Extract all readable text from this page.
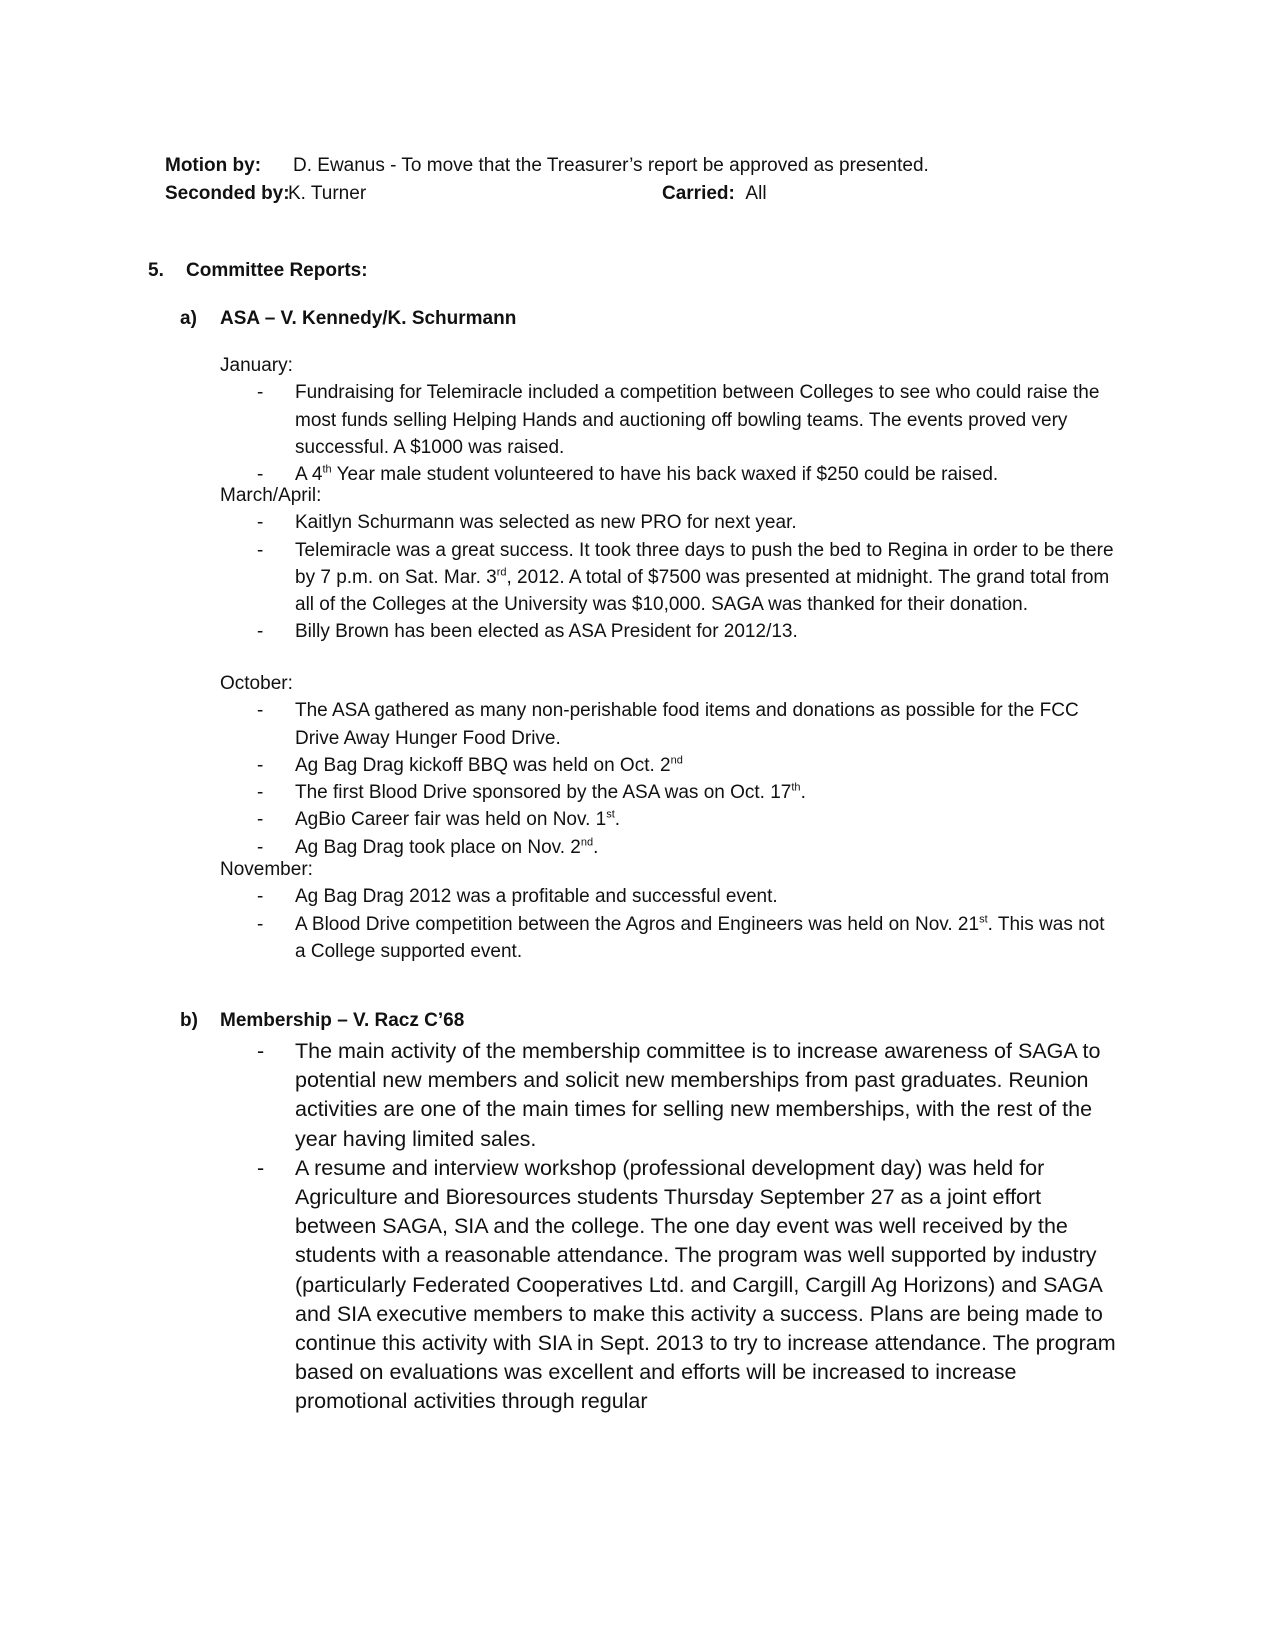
Motion by: D. Ewanus - To move that the Treasurer’s report be approved as presented.
Seconded by:K. Turner	Carried: All
5. Committee Reports:
a) ASA – V. Kennedy/K. Schurmann

January:

- Fundraising for Telemiracle included a competition between Colleges to see who could raise the most funds selling Helping Hands and auctioning off bowling teams. The events proved very successful. A $1000 was raised.
- A 4th Year male student volunteered to have his back waxed if $250 could be raised.

March/April:

- Kaitlyn Schurmann was selected as new PRO for next year.
- Telemiracle was a great success. It took three days to push the bed to Regina in order to be there by 7 p.m. on Sat. Mar. 3rd, 2012. A total of $7500 was presented at midnight. The grand total from all of the Colleges at the University was $10,000. SAGA was thanked for their donation.
- Billy Brown has been elected as ASA President for 2012/13.

October:

- The ASA gathered as many non-perishable food items and donations as possible for the FCC Drive Away Hunger Food Drive.
- Ag Bag Drag kickoff BBQ was held on Oct. 2nd
- The first Blood Drive sponsored by the ASA was on Oct. 17th.
- AgBio Career fair was held on Nov. 1st.
- Ag Bag Drag took place on Nov. 2nd.

November:

- Ag Bag Drag 2012 was a profitable and successful event.
- A Blood Drive competition between the Agros and Engineers was held on Nov. 21st. This was not a College supported event.
b) Membership – V. Racz C’68
- The main activity of the membership committee is to increase awareness of SAGA to potential new members and solicit new memberships from past graduates. Reunion activities are one of the main times for selling new memberships, with the rest of the year having limited sales.
- A resume and interview workshop (professional development day) was held for Agriculture and Bioresources students Thursday September 27 as a joint effort between SAGA, SIA and the college. The one day event was well received by the students with a reasonable attendance. The program was well supported by industry (particularly Federated Cooperatives Ltd. and Cargill, Cargill Ag Horizons) and SAGA and SIA executive members to make this activity a success. Plans are being made to continue this activity with SIA in Sept. 2013 to try to increase attendance. The program based on evaluations was excellent and efforts will be increased to increase promotional activities through regular
